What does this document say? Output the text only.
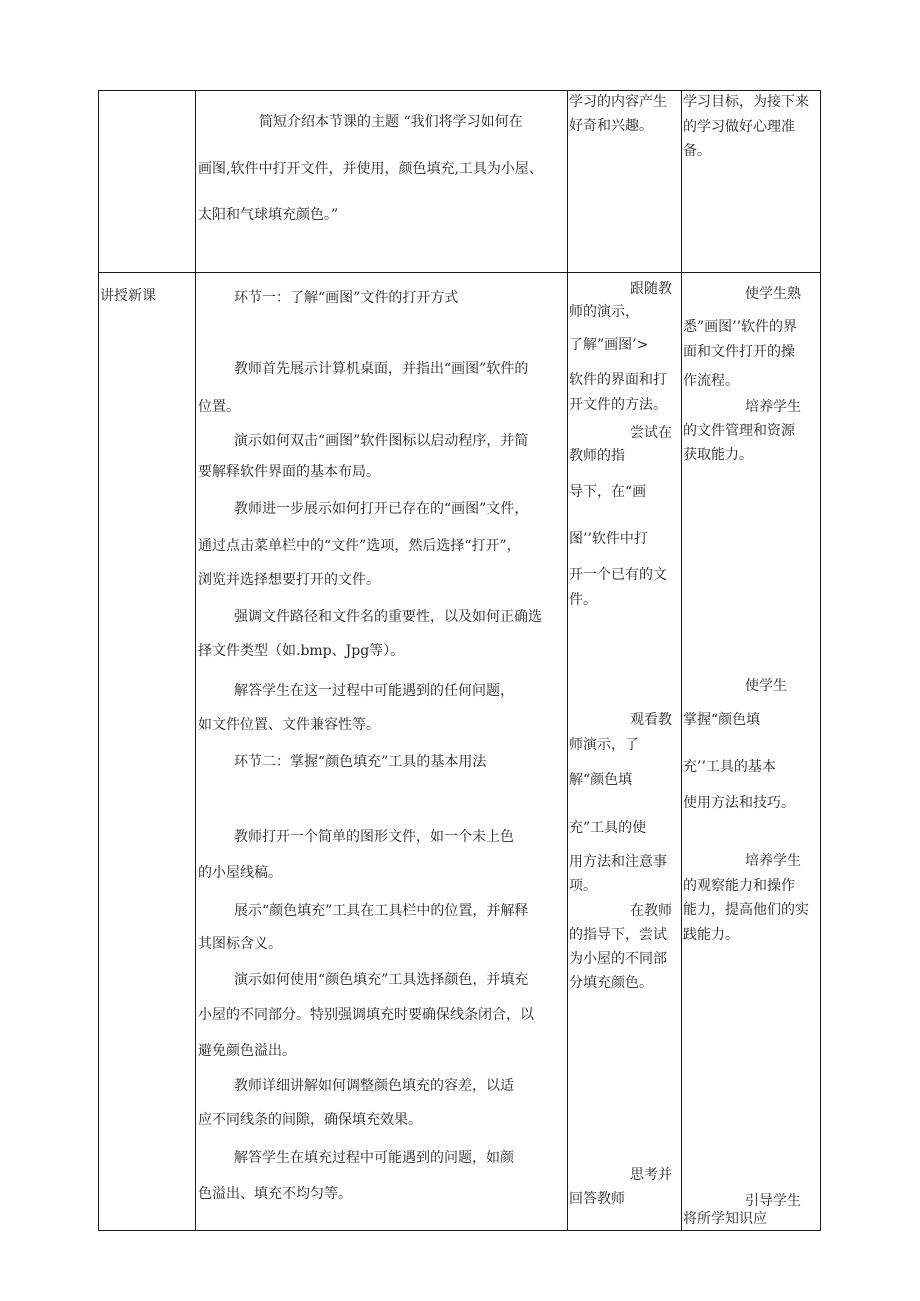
简短介绍本节课的主题 “我们将学习如何在

画图,软件中打开文件，并使用，颜色填充,工具为小屋、

太阳和气球填充颜色。”

学习的内容产生

好奇和兴趣。

学习目标，为接下来

的学习做好心理准

备。

讲授新课	环节一：了解“画图”文件的打开方式

教师首先展示计算机桌面，并指出“画图”软件的

位置。

演示如何双击“画图”软件图标以启动程序，并简

要解释软件界面的基本布局。

教师进一步展示如何打开已存在的“画图”文件，

通过点击菜单栏中的“文件”选项，然后选择“打开”，

浏览并选择想要打开的文件。

强调文件路径和文件名的重要性，以及如何正确选

择文件类型（如.bmp、Jpg等）。

解答学生在这一过程中可能遇到的任何问题，

如文件位置、文件兼容性等。

环节二：掌握“颜色填充”工具的基本用法

教师打开一个简单的图形文件，如一个未上色

的小屋线稿。

展示“颜色填充”工具在工具栏中的位置，并解释

其图标含义。

演示如何使用“颜色填充”工具选择颜色，并填充

小屋的不同部分。特别强调填充时要确保线条闭合，以

避免颜色溢出。

教师详细讲解如何调整颜色填充的容差，以适

应不同线条的间隙，确保填充效果。

解答学生在填充过程中可能遇到的问题，如颜

色溢出、填充不均匀等。

跟随教

师的演示，

了解”画图’>

软件的界面和打

开文件的方法。

尝试在

教师的指

导下，在“画

图’’软件中打

开一个已有的文

件。

观看教

师演示，了

解“颜色填

充”工具的使

用方法和注意事

项。

在教师

的指导下，尝试

为小屋的不同部

分填充颜色。

思考并

回答教师

使学生熟

悉”画图’’软件的界

面和文件打开的操

作流程。

培养学生

的文件管理和资源

获取能力。

使学生

掌握“颜色填

充’’工具的基本

使用方法和技巧。

培养学生

的观察能力和操作

能力，提高他们的实

践能力。

引导学生

将所学知识应
